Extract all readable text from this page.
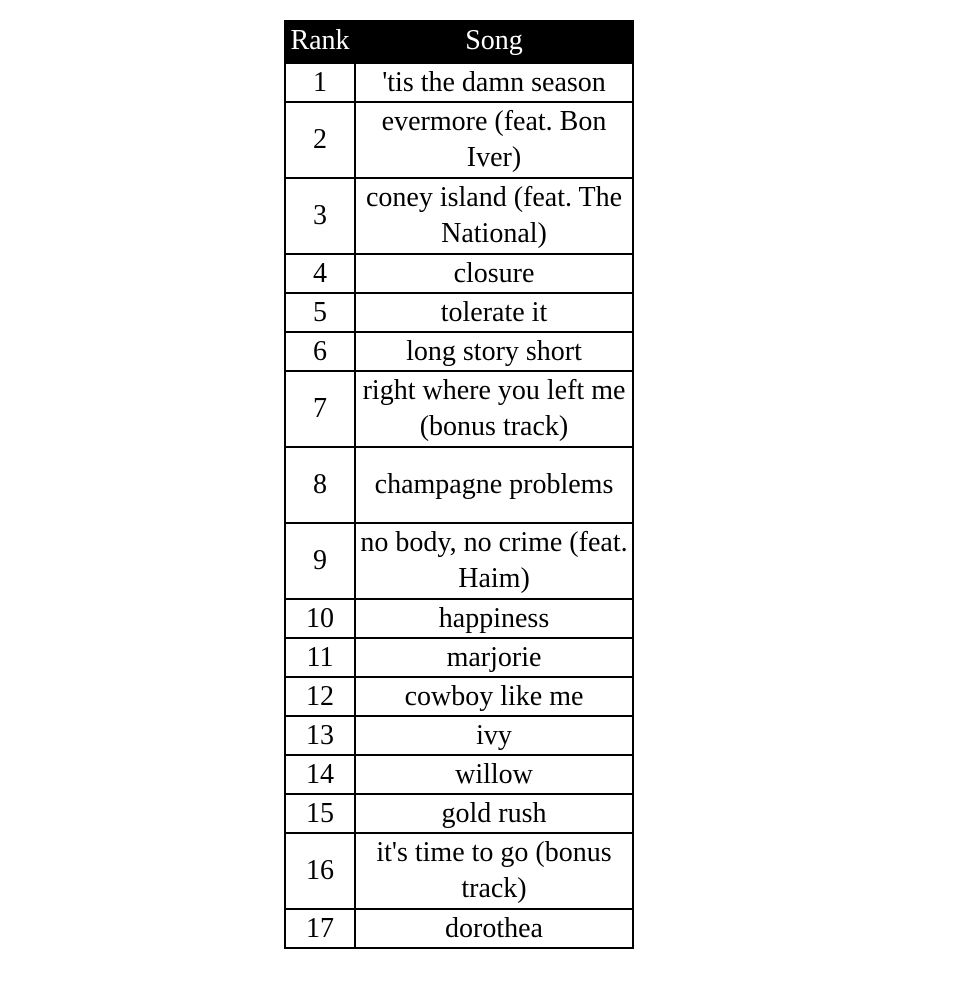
Rank	Song
1	'tis the damn season
2	evermore (feat. Bon Iver)
3	coney island (feat. The National)
4	closure
5	tolerate it
6	long story short
7	right where you left me (bonus track)
8	champagne problems
9	no body, no crime (feat. Haim)
10	happiness
11	marjorie
12	cowboy like me
13	ivy
14	willow
15	gold rush
16	it's time to go (bonus track)
17	dorothea
